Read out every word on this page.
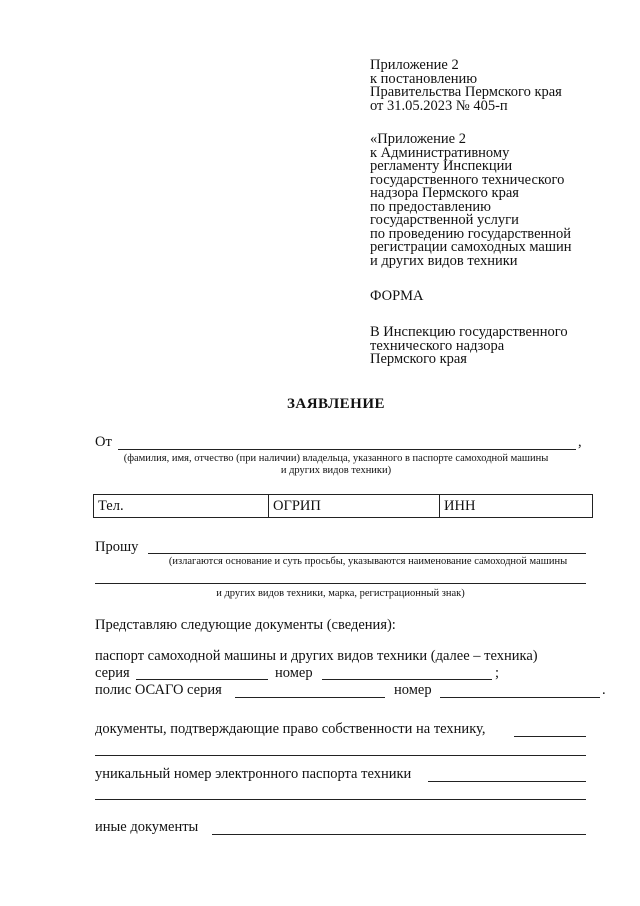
Приложение 2
к постановлению
Правительства Пермского края
от 31.05.2023 № 405-п
«Приложение 2
к Административному
регламенту Инспекции
государственного технического
надзора Пермского края
по предоставлению
государственной услуги
по проведению государственной
регистрации самоходных машин
и других видов техники
ФОРМА
В Инспекцию государственного
технического надзора
Пермского края
ЗАЯВЛЕНИЕ
От	,
(фамилия, имя, отчество (при наличии) владельца, указанного в паспорте самоходной машины
и других видов техники)
Тел.	ОГРИП	ИНН
Прошу
(излагаются основание и суть просьбы, указываются наименование самоходной машины
и других видов техники, марка, регистрационный знак)
Представляю следующие документы (сведения):
паспорт самоходной машины и других видов техники (далее – техника)
серия	номер	;
полис ОСАГО серия	номер	.
документы, подтверждающие право собственности на технику,
уникальный номер электронного паспорта техники
иные документы
